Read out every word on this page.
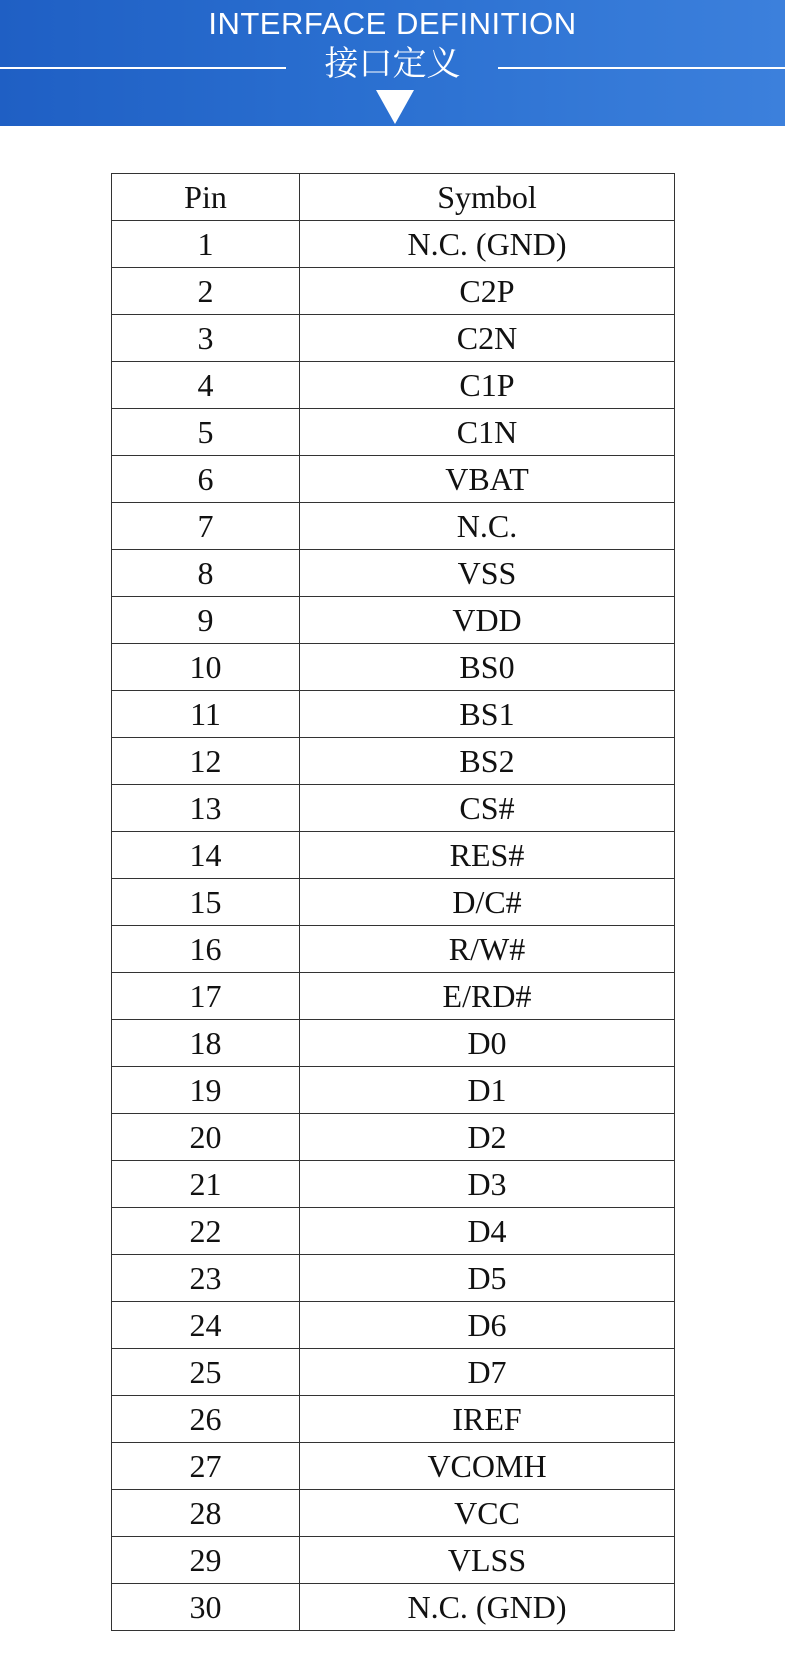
INTERFACE DEFINITION
接口定义
Pin	Symbol
1	N.C. (GND)
2	C2P
3	C2N
4	C1P
5	C1N
6	VBAT
7	N.C.
8	VSS
9	VDD
10	BS0
11	BS1
12	BS2
13	CS#
14	RES#
15	D/C#
16	R/W#
17	E/RD#
18	D0
19	D1
20	D2
21	D3
22	D4
23	D5
24	D6
25	D7
26	IREF
27	VCOMH
28	VCC
29	VLSS
30	N.C. (GND)
